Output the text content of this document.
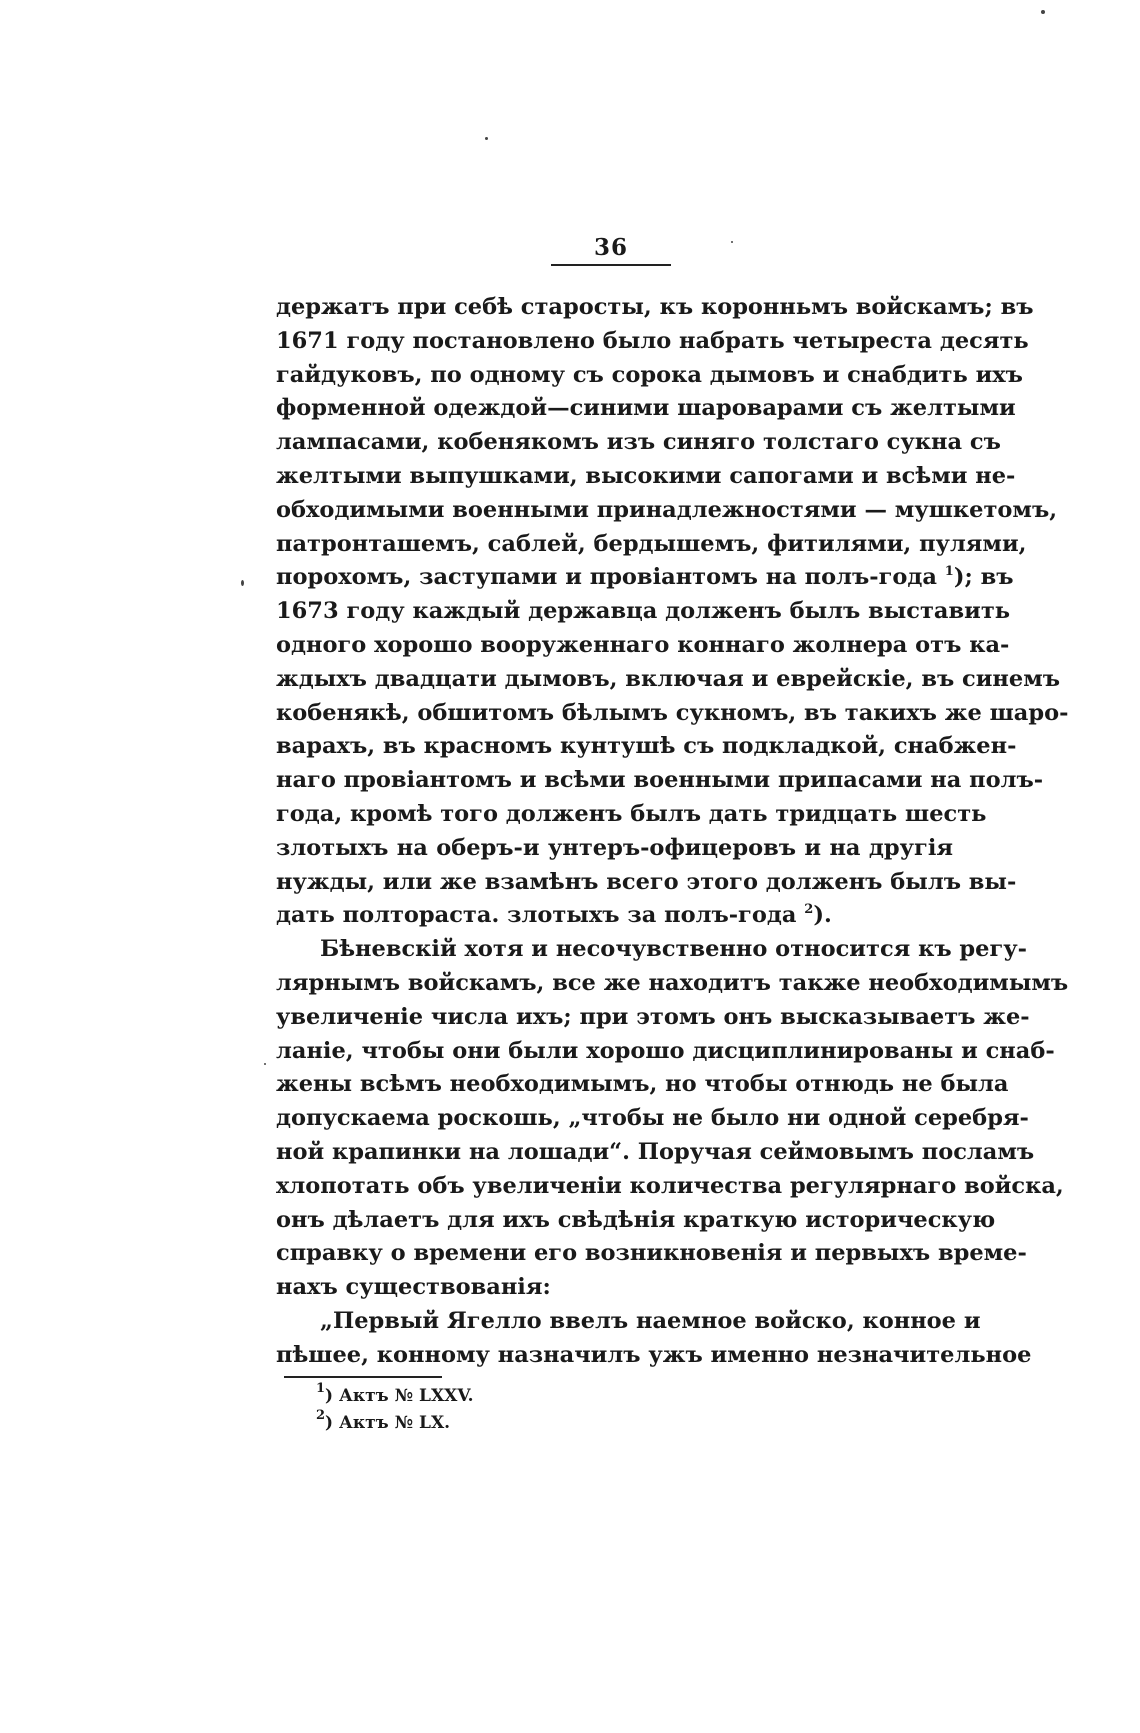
36
держатъ при себѣ старосты, къ коронньмъ войскамъ; въ
1671 году постановлено было набрать четыреста десять
гайдуковъ, по одному съ сорока дымовъ и снабдить ихъ
форменной одеждой—синими шароварами съ желтыми
лампасами, кобенякомъ изъ синяго толстаго сукна съ
желтыми выпушками, высокими сапогами и всѣми не-
обходимыми военными принадлежностями — мушкетомъ,
патронташемъ, саблей, бердышемъ, фитилями, пулями,
порохомъ, заступами и провіантомъ на полъ-года $^1$); въ
1673 году каждый державца долженъ былъ выставить
одного хорошо вооруженнаго коннаго жолнера отъ ка-
ждыхъ двадцати дымовъ, включая и еврейскіе, въ синемъ
кобенякѣ, обшитомъ бѣлымъ сукномъ, въ такихъ же шаро-
варахъ, въ красномъ кунтушѣ съ подкладкой, снабжен-
наго провіантомъ и всѣми военными припасами на полъ-
года, кромѣ того долженъ былъ дать тридцать шесть
злотыхъ на оберъ-и унтеръ-офицеровъ и на другія
нужды, или же взамѣнъ всего этого долженъ былъ вы-
дать полтораста. злотыхъ за полъ-года $^2$).
Бѣневскій хотя и несочувственно относится къ регу-
лярнымъ войскамъ, все же находитъ также необходимымъ
увеличеніе числа ихъ; при этомъ онъ высказываетъ же-
ланіе, чтобы они были хорошо дисциплинированы и снаб-
жены всѣмъ необходимымъ, но чтобы отнюдь не была
допускаема роскошь, „чтобы не было ни одной серебря-
ной крапинки на лошади“. Поручая сеймовымъ посламъ
хлопотать объ увеличеніи количества регулярнаго войска,
онъ дѣлаетъ для ихъ свѣдѣнія краткую историческую
справку о времени его возникновенія и первыхъ време-
нахъ существованія:
„Первый Ягелло ввелъ наемное войско, конное и
пѣшее, конному назначилъ ужъ именно незначительное
$^1$) Актъ № LXXV.
$^2$) Актъ № LX.
